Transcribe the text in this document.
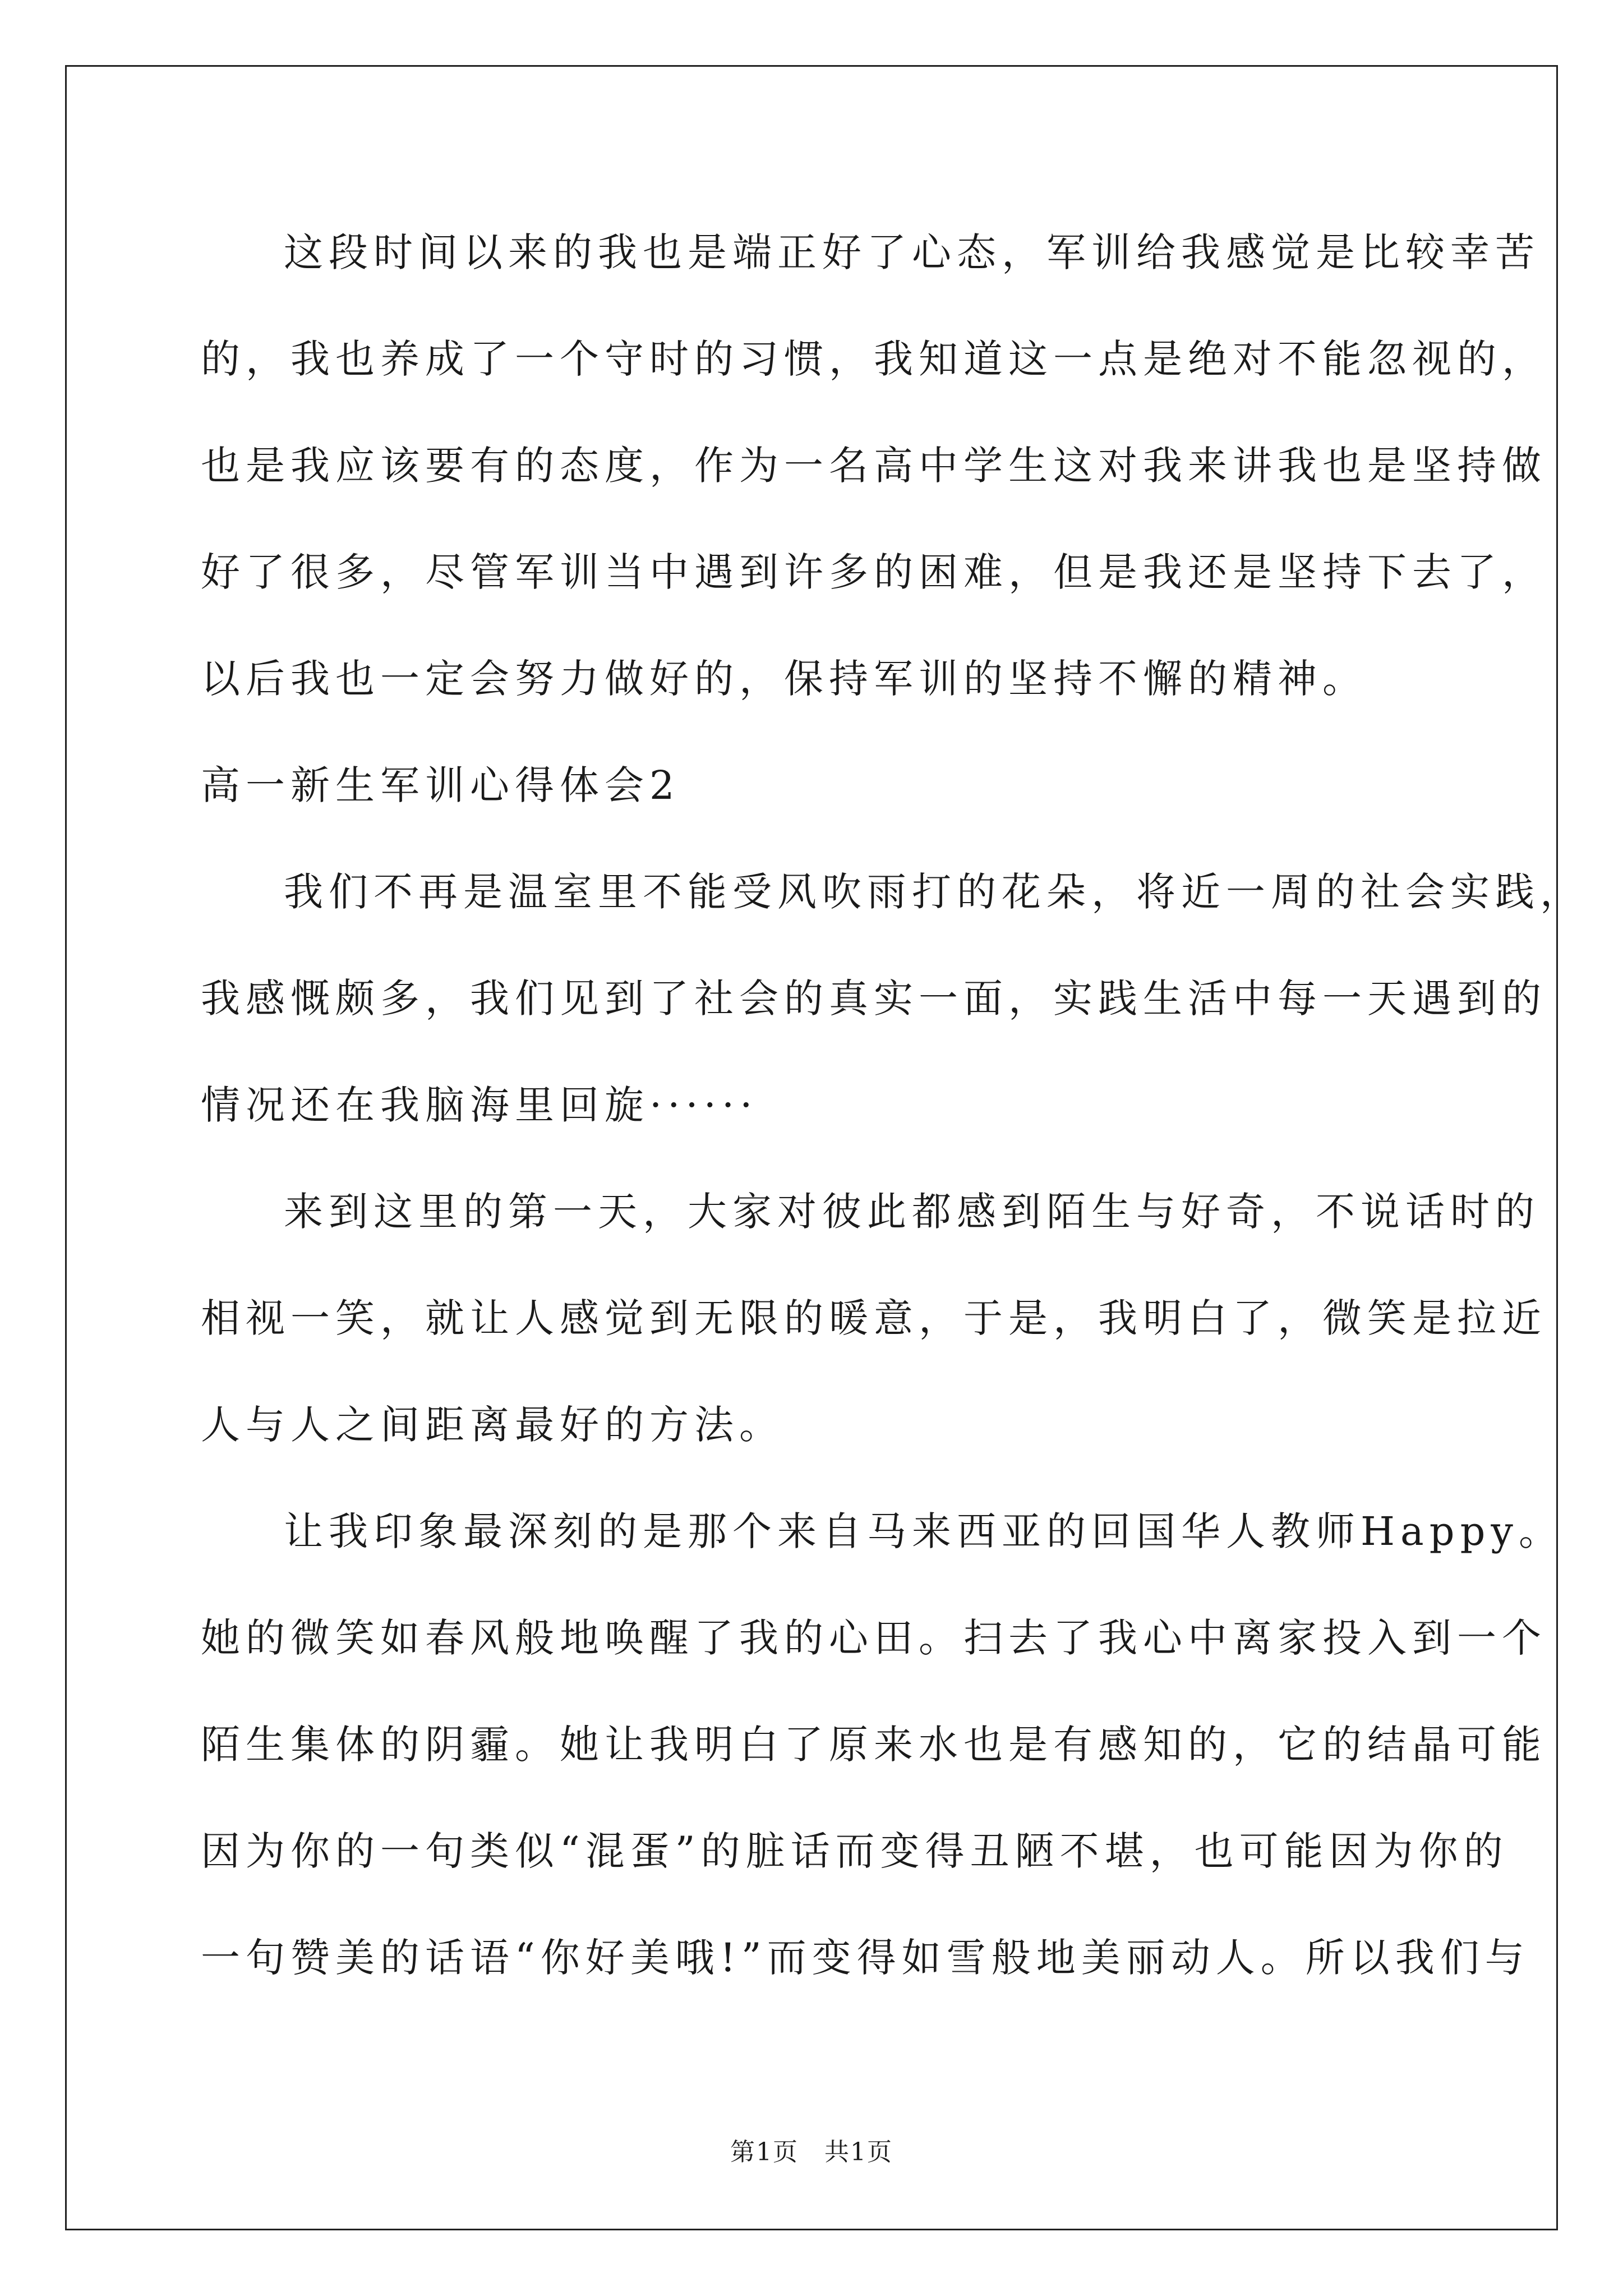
这段时间以来的我也是端正好了心态，军训给我感觉是比较幸苦
的，我也养成了一个守时的习惯，我知道这一点是绝对不能忽视的，
也是我应该要有的态度，作为一名高中学生这对我来讲我也是坚持做
好了很多，尽管军训当中遇到许多的困难，但是我还是坚持下去了，
以后我也一定会努力做好的，保持军训的坚持不懈的精神。
高一新生军训心得体会2
我们不再是温室里不能受风吹雨打的花朵，将近一周的社会实践，
我感慨颇多，我们见到了社会的真实一面，实践生活中每一天遇到的
情况还在我脑海里回旋······
来到这里的第一天，大家对彼此都感到陌生与好奇，不说话时的
相视一笑，就让人感觉到无限的暖意，于是，我明白了，微笑是拉近
人与人之间距离最好的方法。
让我印象最深刻的是那个来自马来西亚的回国华人教师Happy。
她的微笑如春风般地唤醒了我的心田。扫去了我心中离家投入到一个
陌生集体的阴霾。她让我明白了原来水也是有感知的，它的结晶可能
因为你的一句类似“混蛋”的脏话而变得丑陋不堪，也可能因为你的
一句赞美的话语“你好美哦!”而变得如雪般地美丽动人。所以我们与
第1页　共1页
